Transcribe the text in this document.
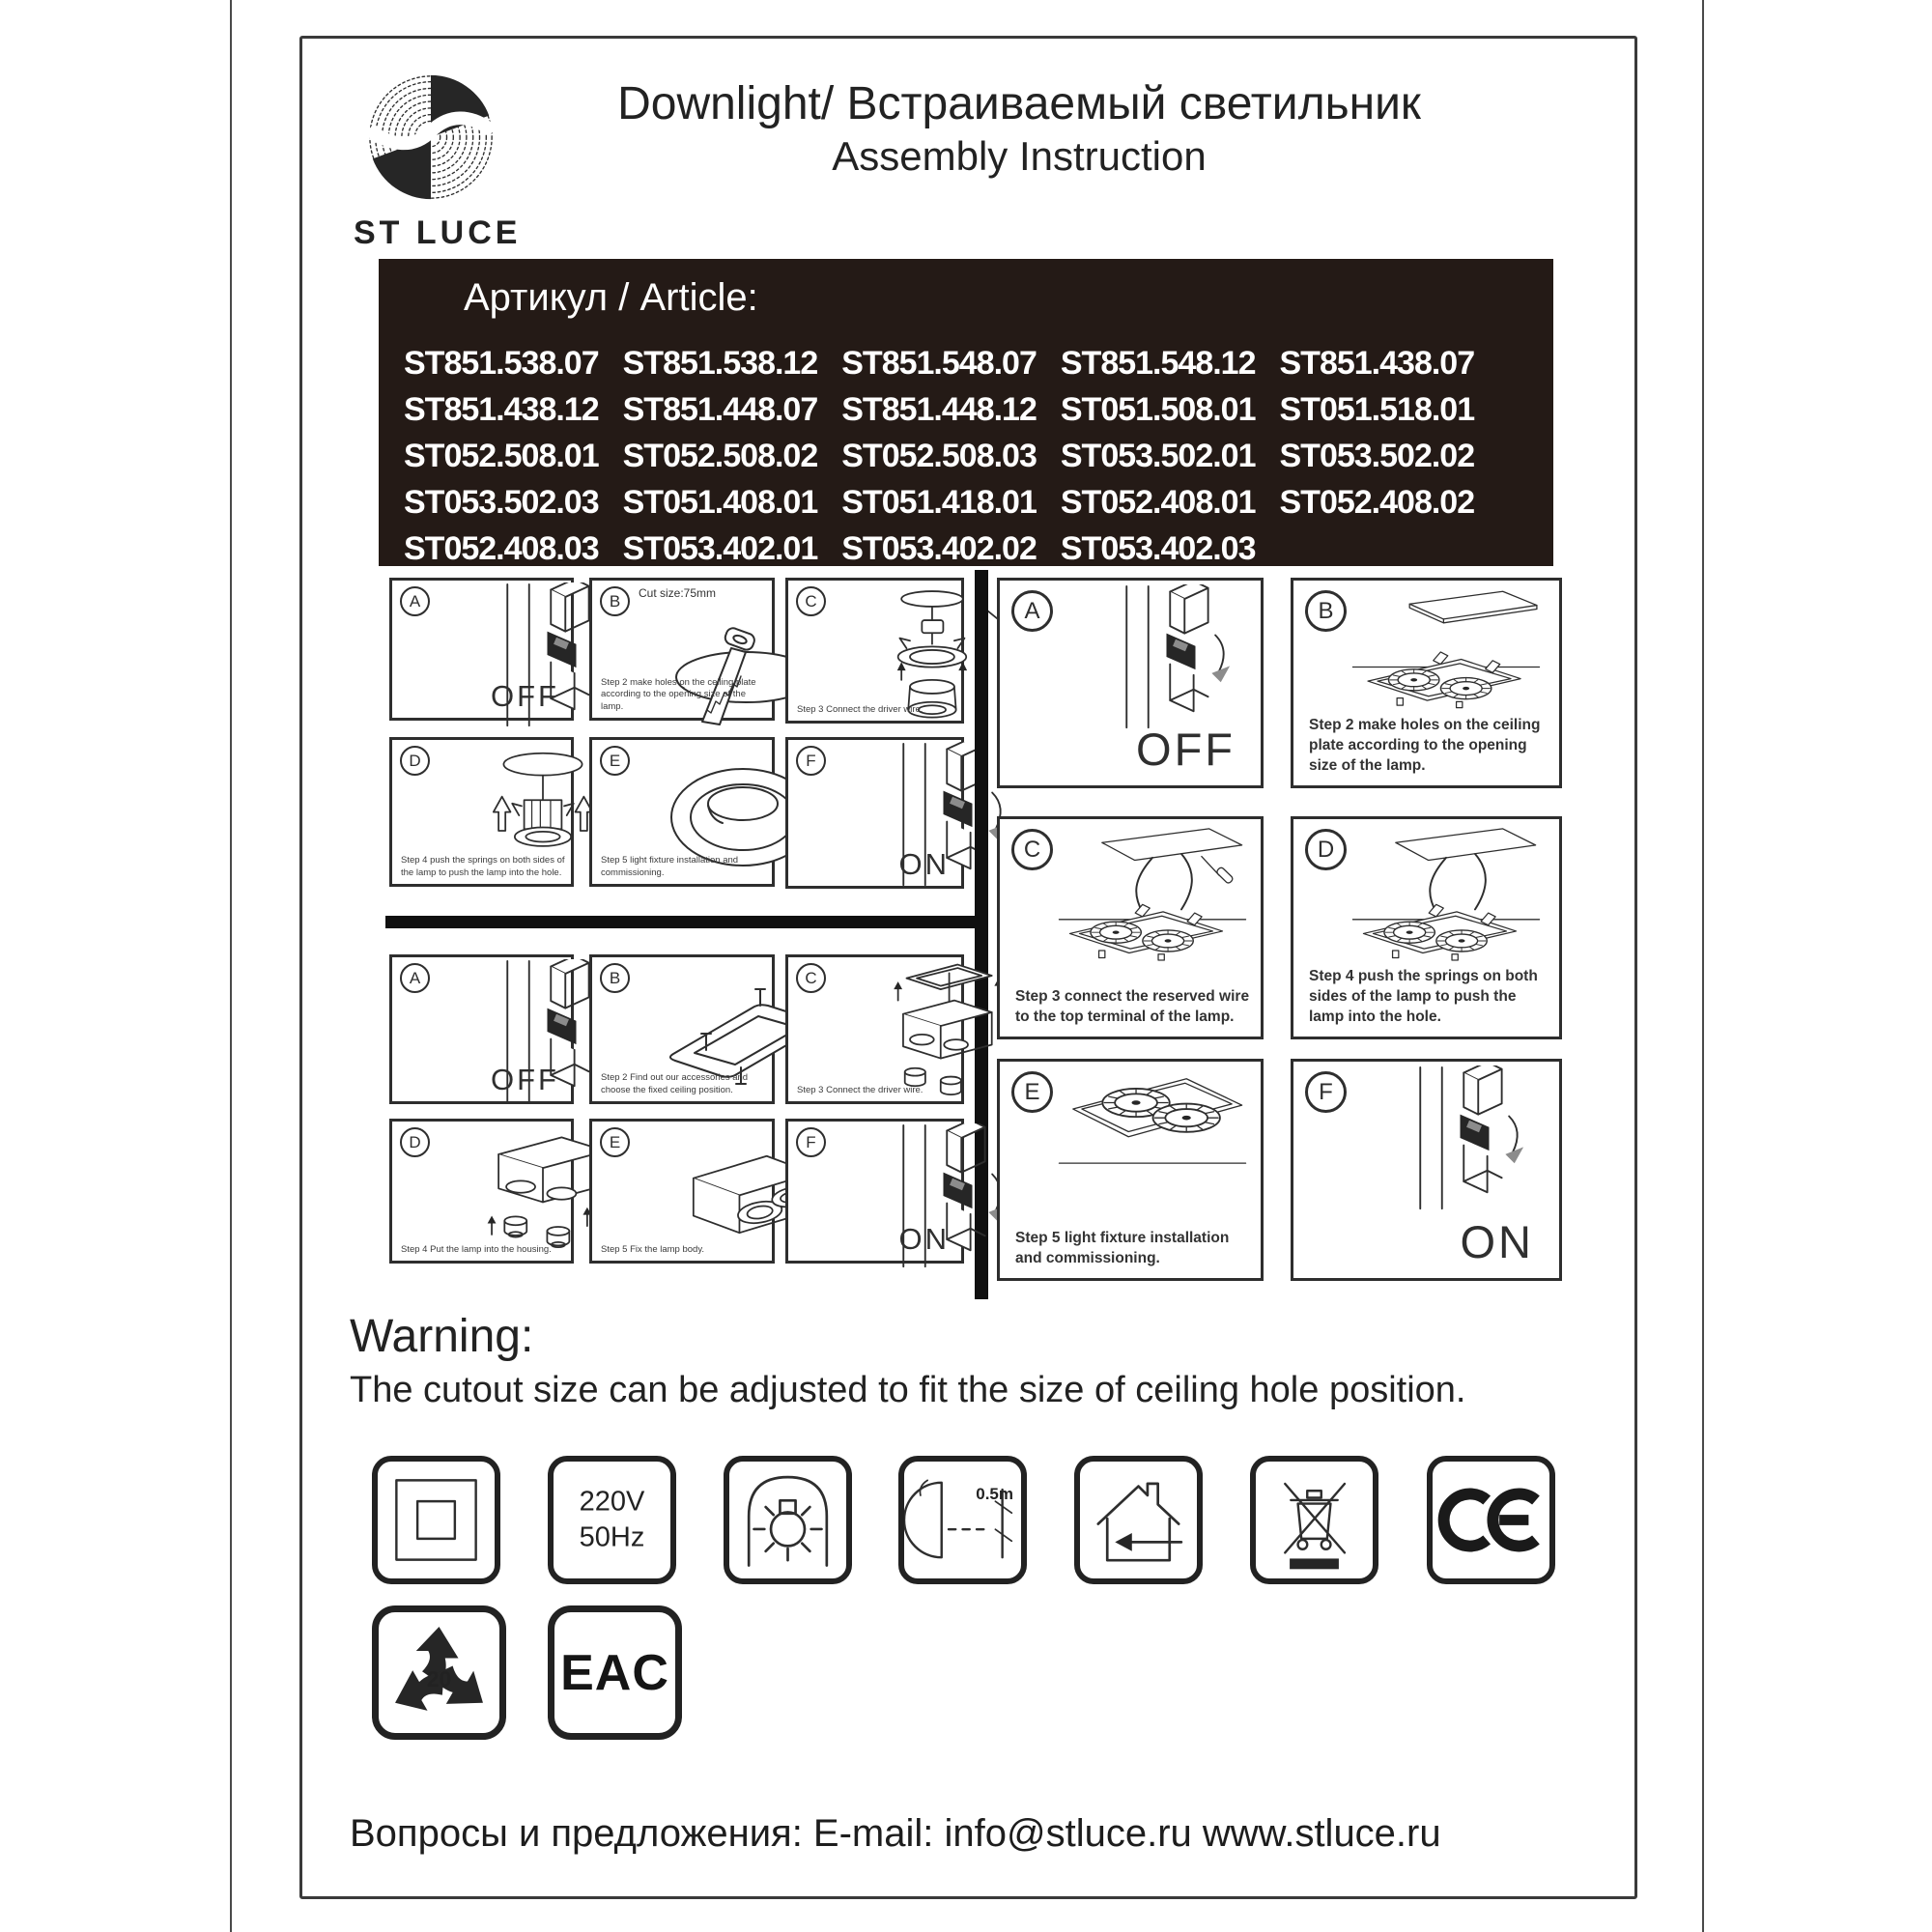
ST LUCE
Downlight/ Встраиваемый светильник
Assembly Instruction
Артикул / Article:
ST851.538.07 ST851.538.12 ST851.548.07 ST851.548.12 ST851.438.07
ST851.438.12 ST851.448.07 ST851.448.12 ST051.508.01 ST051.518.01
ST052.508.01 ST052.508.02 ST052.508.03 ST053.502.01 ST053.502.02
ST053.502.03 ST051.408.01 ST051.418.01 ST052.408.01 ST052.408.02
ST052.408.03 ST053.402.01 ST053.402.02 ST053.402.03
A
OFF
B	Cut size:75mm
Step 2 make holes on the ceiling plate according to the opening size of the lamp.
C
Step 3 Connect the driver wire.
D
Step 4 push the springs on both sides of the lamp to push the lamp into the hole.
E
Step 5 light fixture installation and commissioning.
F
ON
A
OFF
B
Step 2 Find out our accessories and choose the fixed ceiling position.
C
Step 3 Connect the driver wire.
D
Step 4 Put the lamp into the housing.
E
Step 5 Fix the lamp body.
F
ON
A
OFF
B
Step 2 make holes on the ceiling plate according to the opening size of the lamp.
C
Step 3 connect the reserved wire to the top terminal of the lamp.
D
Step 4 push the springs on both sides of the lamp to push the lamp into the hole.
E
Step 5 light fixture installation and commissioning.
F
ON
Warning:
The cutout size can be adjusted to fit the size of ceiling hole position.
220V
50Hz
0.5m
20	EAC
Вопросы и предложения: E-mail: info@stluce.ru www.stluce.ru
